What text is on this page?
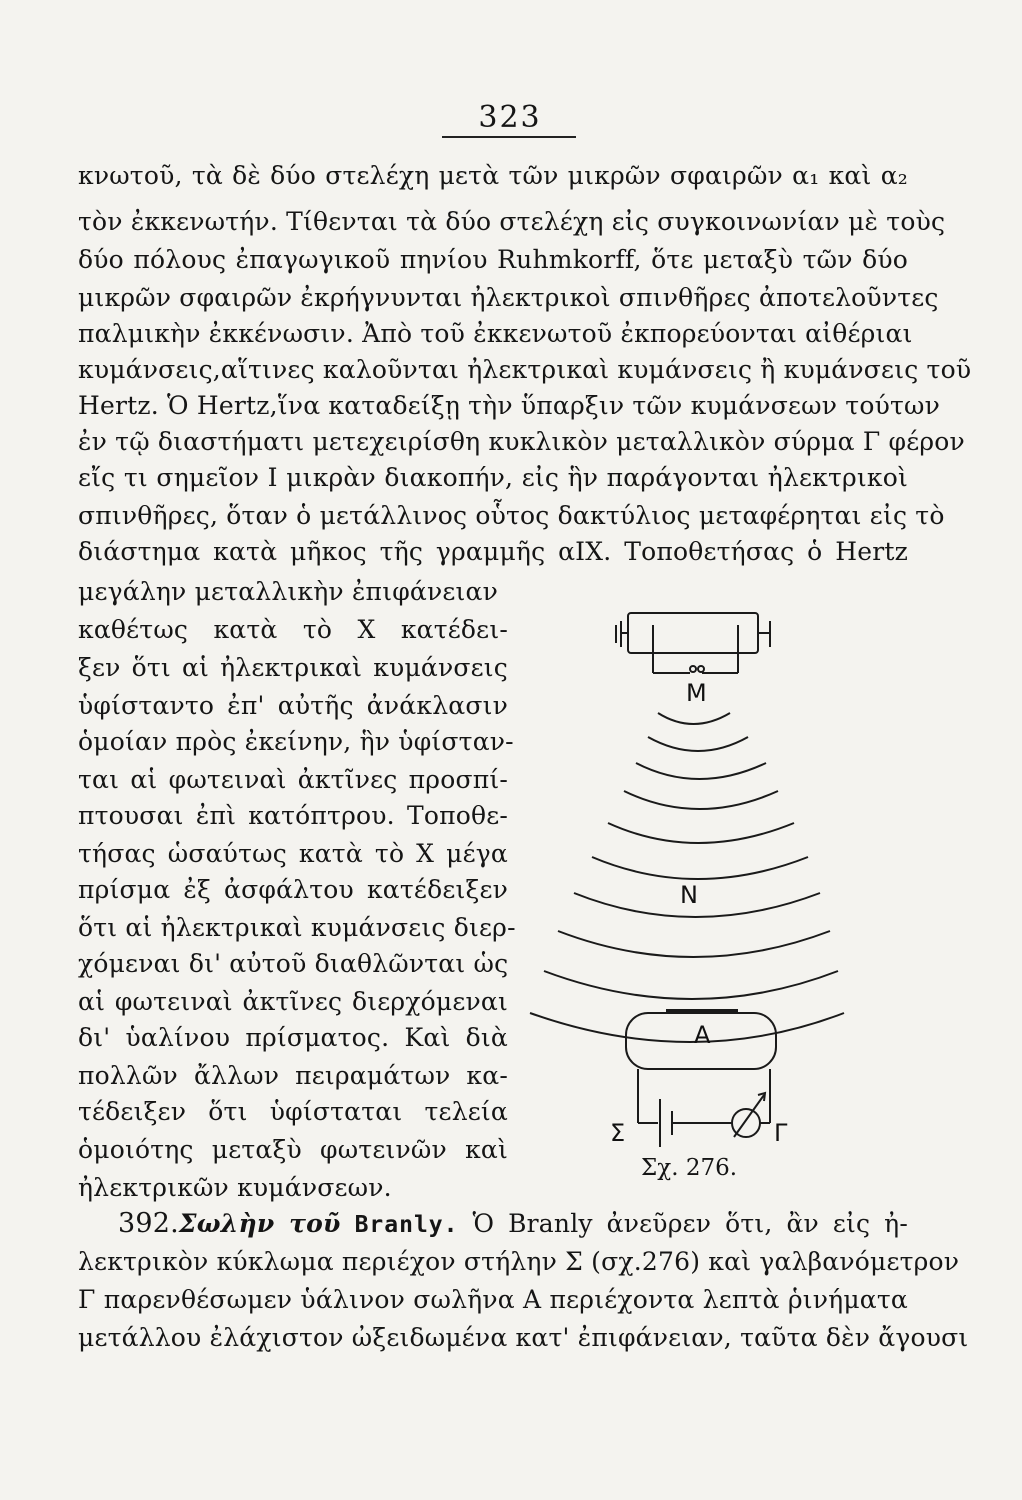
323
κνωτοῦ, τὰ δὲ δύο στελέχη μετὰ τῶν μικρῶν σφαιρῶν α₁ καὶ α₂
τὸν ἐκκενωτήν. Τίθενται τὰ δύο στελέχη εἰς συγκοινωνίαν μὲ τοὺς
δύο πόλους ἐπαγωγικοῦ πηνίου Ruhmkorff, ὅτε μεταξὺ τῶν δύο
μικρῶν σφαιρῶν ἐκρήγνυνται ἠλεκτρικοὶ σπινθῆρες ἀποτελοῦντες
παλμικὴν ἐκκένωσιν. Ἀπὸ τοῦ ἐκκενωτοῦ ἐκπορεύονται αἰθέριαι
κυμάνσεις,αἵτινες καλοῦνται ἠλεκτρικαὶ κυμάνσεις ἢ κυμάνσεις τοῦ
Hertz. Ὁ Hertz,ἵνα καταδείξῃ τὴν ὕπαρξιν τῶν κυμάνσεων τούτων
ἐν τῷ διαστήματι μετεχειρίσθη κυκλικὸν μεταλλικὸν σύρμα Γ φέρον
εἴς τι σημεῖον Ι μικρὰν διακοπήν, εἰς ἣν παράγονται ἠλεκτρικοὶ
σπινθῆρες, ὅταν ὁ μετάλλινος οὗτος δακτύλιος μεταφέρηται εἰς τὸ
διάστημα κατὰ μῆκος τῆς γραμμῆς αΙΧ. Τοποθετήσας ὁ Hertz
μεγάλην μεταλλικὴν ἐπιφάνειαν
καθέτως κατὰ τὸ Χ κατέδει-
ξεν ὅτι αἱ ἠλεκτρικαὶ κυμάνσεις
ὑφίσταντο ἐπ' αὐτῆς ἀνάκλασιν
ὁμοίαν πρὸς ἐκείνην, ἣν ὑφίσταν-
ται αἱ φωτειναὶ ἀκτῖνες προσπί-
πτουσαι ἐπὶ κατόπτρου. Τοποθε-
τήσας ὡσαύτως κατὰ τὸ Χ μέγα
πρίσμα ἐξ ἀσφάλτου κατέδειξεν
ὅτι αἱ ἠλεκτρικαὶ κυμάνσεις διερ-
χόμεναι δι' αὐτοῦ διαθλῶνται ὡς
αἱ φωτειναὶ ἀκτῖνες διερχόμεναι
δι' ὑαλίνου πρίσματος. Καὶ διὰ
πολλῶν ἄλλων πειραμάτων κα-
τέδειξεν ὅτι ὑφίσταται τελεία
ὁμοιότης μεταξὺ φωτεινῶν καὶ
ἠλεκτρικῶν κυμάνσεων.
M
N
A
Σ	Γ
Σχ. 276.
392.Σωλὴν τοῦ Branly. Ὁ Branly ἀνεῦρεν ὅτι, ἂν εἰς ἠ-
λεκτρικὸν κύκλωμα περιέχον στήλην Σ (σχ.276) καὶ γαλβανόμετρον
Γ παρενθέσωμεν ὑάλινον σωλῆνα Α περιέχοντα λεπτὰ ῥινήματα
μετάλλου ἐλάχιστον ὠξειδωμένα κατ' ἐπιφάνειαν, ταῦτα δὲν ἄγουσι
